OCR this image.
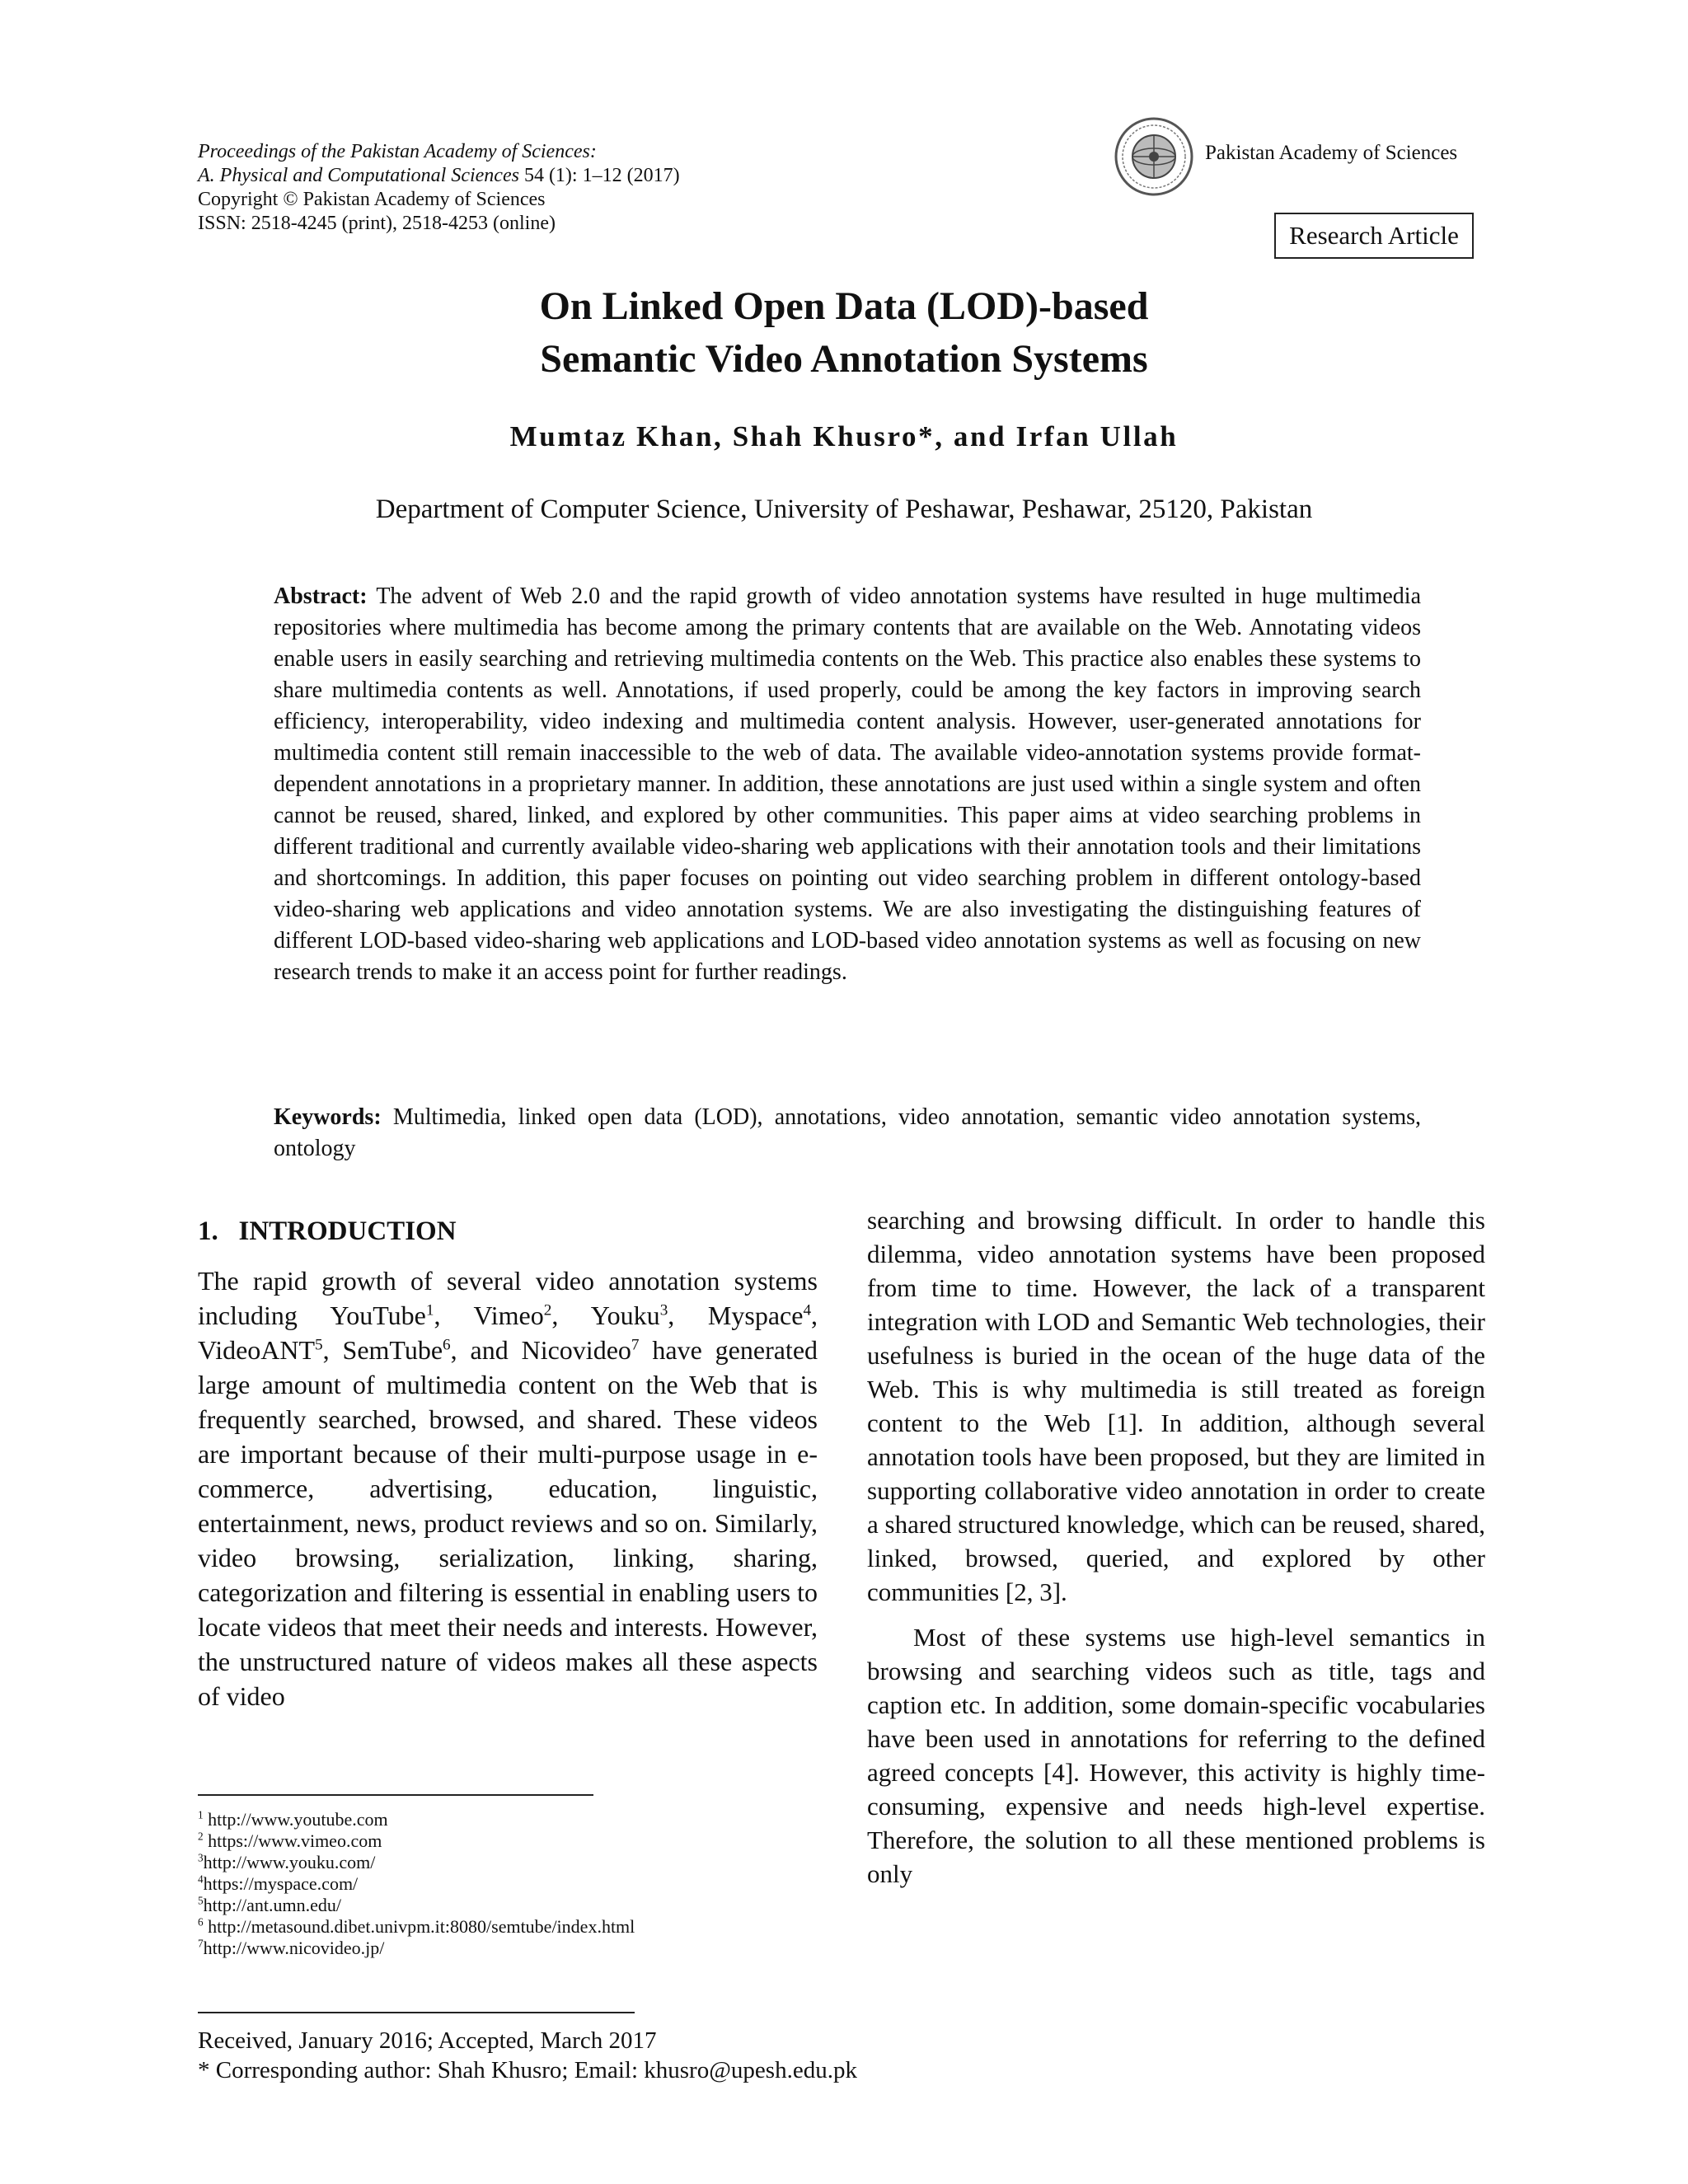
Proceedings of the Pakistan Academy of Sciences:
A. Physical and Computational Sciences 54 (1): 1–12 (2017)
Copyright © Pakistan Academy of Sciences
ISSN: 2518-4245 (print), 2518-4253 (online)
Pakistan Academy of Sciences
Research Article
On Linked Open Data (LOD)-based
Semantic Video Annotation Systems
Mumtaz Khan, Shah Khusro*, and Irfan Ullah
Department of Computer Science, University of Peshawar, Peshawar, 25120, Pakistan
Abstract: The advent of Web 2.0 and the rapid growth of video annotation systems have resulted in huge multimedia repositories where multimedia has become among the primary contents that are available on the Web. Annotating videos enable users in easily searching and retrieving multimedia contents on the Web. This practice also enables these systems to share multimedia contents as well. Annotations, if used properly, could be among the key factors in improving search efficiency, interoperability, video indexing and multimedia content analysis. However, user-generated annotations for multimedia content still remain inaccessible to the web of data. The available video-annotation systems provide format-dependent annotations in a proprietary manner. In addition, these annotations are just used within a single system and often cannot be reused, shared, linked, and explored by other communities. This paper aims at video searching problems in different traditional and currently available video-sharing web applications with their annotation tools and their limitations and shortcomings. In addition, this paper focuses on pointing out video searching problem in different ontology-based video-sharing web applications and video annotation systems. We are also investigating the distinguishing features of different LOD-based video-sharing web applications and LOD-based video annotation systems as well as focusing on new research trends to make it an access point for further readings.
Keywords: Multimedia, linked open data (LOD), annotations, video annotation, semantic video annotation systems, ontology
1.   INTRODUCTION

The rapid growth of several video annotation systems including YouTube$^1$, Vimeo$^2$, Youku$^3$, Myspace$^4$, VideoANT$^5$, SemTube$^6$, and Nicovideo$^7$ have generated large amount of multimedia content on the Web that is frequently searched, browsed, and shared. These videos are important because of their multi-purpose usage in e-commerce, advertising, education, linguistic, entertainment, news, product reviews and so on. Similarly, video browsing, serialization, linking, sharing, categorization and filtering is essential in enabling users to locate videos that meet their needs and interests. However, the unstructured nature of videos makes all these aspects of video

searching and browsing difficult. In order to handle this dilemma, video annotation systems have been proposed from time to time. However, the lack of a transparent integration with LOD and Semantic Web technologies, their usefulness is buried in the ocean of the huge data of the Web. This is why multimedia is still treated as foreign content to the Web [1]. In addition, although several annotation tools have been proposed, but they are limited in supporting collaborative video annotation in order to create a shared structured knowledge, which can be reused, shared, linked, browsed, queried, and explored by other communities [2, 3].

Most of these systems use high-level semantics in browsing and searching videos such as title, tags and caption etc. In addition, some domain-specific vocabularies have been used in annotations for referring to the defined agreed concepts [4]. However, this activity is highly time-consuming, expensive and needs high-level expertise. Therefore, the solution to all these mentioned problems is only

$^1$ http://www.youtube.com
$^2$ https://www.vimeo.com
$^3$http://www.youku.com/
$^4$https://myspace.com/
$^5$http://ant.umn.edu/
$^6$ http://metasound.dibet.univpm.it:8080/semtube/index.html
$^7$http://www.nicovideo.jp/
Received, January 2016; Accepted, March 2017
* Corresponding author: Shah Khusro; Email: khusro@upesh.edu.pk
